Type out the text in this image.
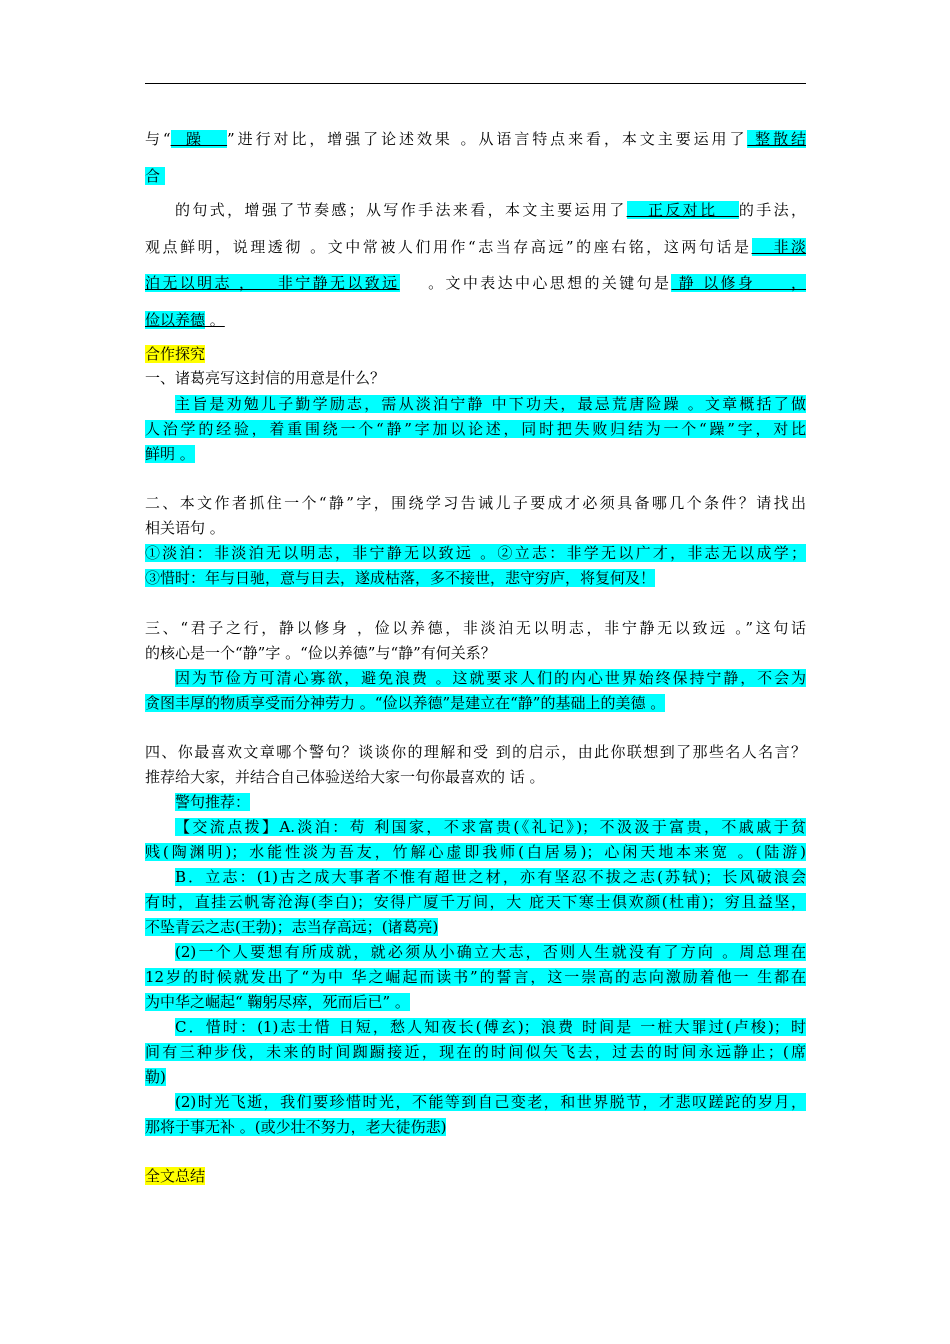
与“  躁   ”进行对比，增强了论述效果 。从语言特点来看，本文主要运用了 整散结
合
的句式，增强了节奏感；从写作手法来看，本文主要运用了   正反对比   的手法，
观点鲜明，说理透彻 。文中常被人们用作“志当存高远”的座右铭，这两句话是   非淡
泊无以明志 ，   非宁静无以致远    。文中表达中心思想的关键句是 静 以修身     ，
俭以养德 。
合作探究
一、诸葛亮写这封信的用意是什么？
主旨是劝勉儿子勤学励志，需从淡泊宁静 中下功夫，最忌荒唐险躁 。文章概括了做
人治学的经验，着重围绕一个“静”字加以论述，同时把失败归结为一个“躁”字，对比
鲜明 。
二、本文作者抓住一个“静”字，围绕学习告诫儿子要成才必须具备哪几个条件？请找出
相关语句 。
①淡泊：非淡泊无以明志，非宁静无以致远 。②立志：非学无以广才，非志无以成学；
③惜时：年与日驰，意与日去，遂成枯落，多不接世，悲守穷庐，将复何及！
三、“君子之行，静以修身 ，俭以养德，非淡泊无以明志，非宁静无以致远 。”这句话
的核心是一个“静”字 。“俭以养德”与“静”有何关系？
因为节俭方可清心寡欲，避免浪费 。这就要求人们的内心世界始终保持宁静，不会为
贪图丰厚的物质享受而分神劳力 。“俭以养德”是建立在“静”的基础上的美德 。
四、你最喜欢文章哪个警句？谈谈你的理解和受 到的启示，由此你联想到了那些名人名言？
推荐给大家，并结合自己体验送给大家一句你最喜欢的 话 。
警句推荐：
【交流点拨】A.淡泊：苟 利国家，不求富贵(《礼记》)；不汲汲于富贵，不戚戚于贫
贱(陶渊明)；水能性淡为吾友，竹解心虚即我师(白居易)；心闲天地本来宽 。(陆游)
B．立志：(1)古之成大事者不惟有超世之材，亦有坚忍不拔之志(苏轼)；长风破浪会
有时，直挂云帆寄沧海(李白)；安得广厦千万间，大 庇天下寒士俱欢颜(杜甫)；穷且益坚，
不坠青云之志(王勃)；志当存高远；(诸葛亮)
(2)一个人要想有所成就，就必须从小确立大志，否则人生就没有了方向 。周总理在
12岁的时候就发出了“为中 华之崛起而读书”的誓言，这一崇高的志向激励着他一 生都在
为中华之崛起“ 鞠躬尽瘁，死而后已” 。
C．惜时：(1)志士惜 日短，愁人知夜长(傅玄)；浪费 时间是 一桩大罪过(卢梭)；时
间有三种步伐，未来的时间踟蹰接近，现在的时间似矢飞去，过去的时间永远静止；(席
勒)
(2)时光飞逝，我们要珍惜时光，不能等到自己变老，和世界脱节，才悲叹蹉跎的岁月，
那将于事无补 。(或少壮不努力，老大徒伤悲)
全文总结
